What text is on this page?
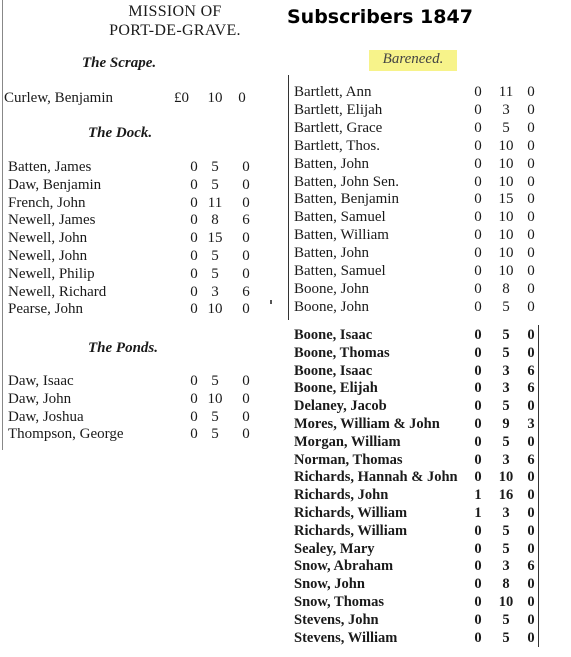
MISSION OF
PORT-DE-GRAVE.
Subscribers 1847
The Scrape.
The Dock.
The Ponds.
Bareneed.
Curlew, Benjamin	£0	10	0
Batten, James	0 5 0
Daw, Benjamin	0 5 0
French, John	0 11 0
Newell, James	0 8 6
Newell, John	0 15 0
Newell, John	0 5 0
Newell, Philip	0 5 0
Newell, Richard	0 3 6
Pearse, John	0 10 0
Daw, Isaac	0 5 0
Daw, John	0 10 0
Daw, Joshua	0 5 0
Thompson, George	0 5 0
Bartlett, Ann	0	11 0
Bartlett, Elijah	0	3	0
Bartlett, Grace	0	5	0
Bartlett, Thos.	0	10 0
Batten, John	0	10 0
Batten, John Sen.	0	10 0
Batten, Benjamin	0	15 0
Batten, Samuel	0	10 0
Batten, William	0	10 0
Batten, John	0	10 0
Batten, Samuel	0	10 0
Boone, John	0	8	0
Boone, John	0	5	0
Boone, Isaac	0	5	0
Boone, Thomas	0	5	0
Boone, Isaac	0	3	6
Boone, Elijah	0	3	6
Delaney, Jacob	0	5	0
Mores, William & John	0	9	3
Morgan, William	0	5	0
Norman, Thomas	0	3	6
Richards, Hannah & John	0	10 0
Richards, John	1	16 0
Richards, William	1	3	0
Richards, William	0	5	0
Sealey, Mary	0	5	0
Snow, Abraham	0	3	6
Snow, John	0	8	0
Snow, Thomas	0	10 0
Stevens, John	0	5	0
Stevens, William	0	5	0
